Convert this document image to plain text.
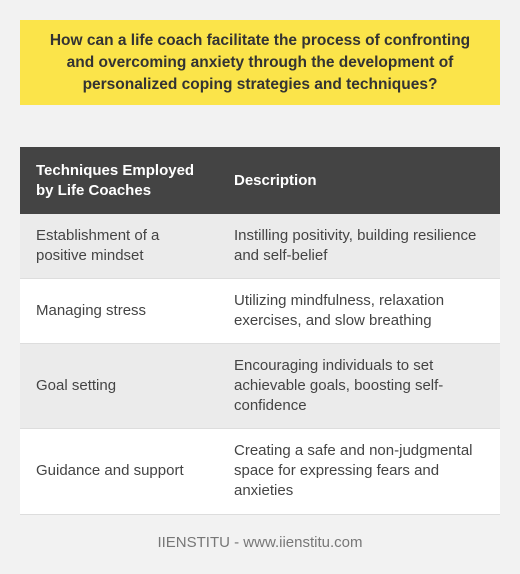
How can a life coach facilitate the process of confronting and overcoming anxiety through the development of personalized coping strategies and techniques?
Techniques Employed by Life Coaches	Description
Establishment of a positive mindset	Instilling positivity, building resilience and self-belief
Managing stress	Utilizing mindfulness, relaxation exercises, and slow breathing
Goal setting	Encouraging individuals to set achievable goals, boosting self-confidence
Guidance and support	Creating a safe and non-judgmental space for expressing fears and anxieties
IIENSTITU - www.iienstitu.com
